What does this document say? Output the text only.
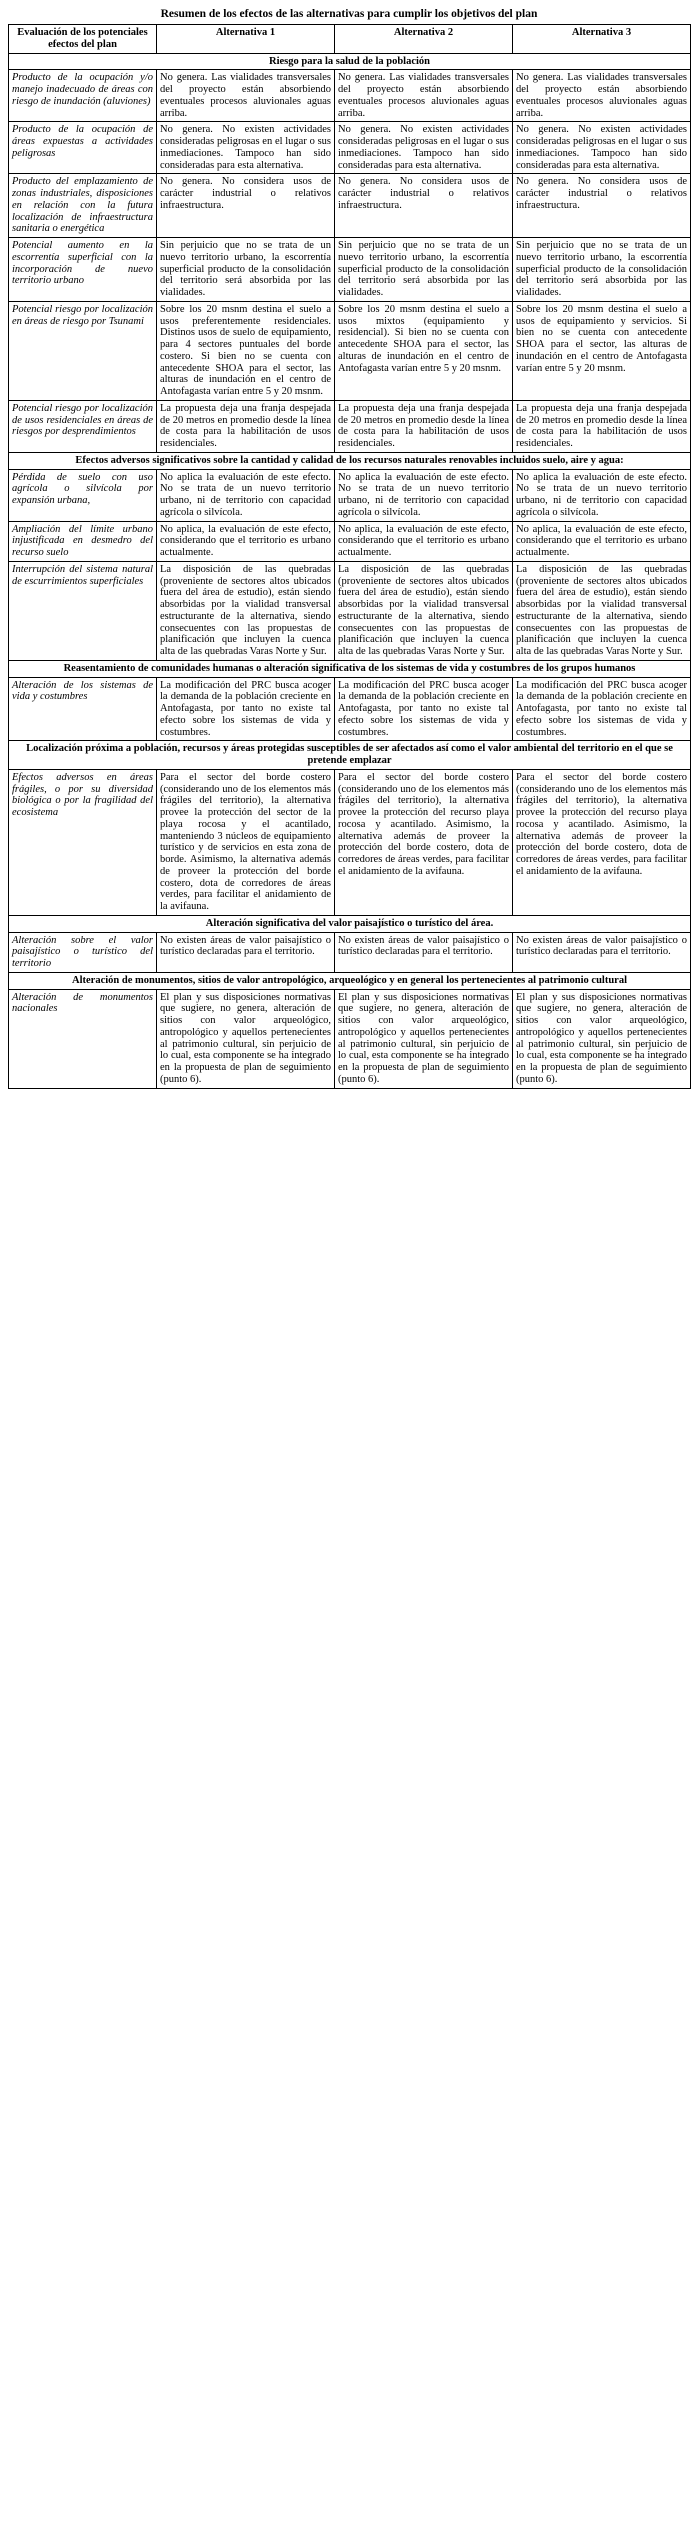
Resumen de los efectos de las alternativas para cumplir los objetivos del plan
Evaluación de los potenciales efectos del plan	Alternativa 1	Alternativa 2	Alternativa 3
Riesgo para la salud de la población			
Producto de la ocupación y/o manejo inadecuado de áreas con riesgo de inundación (aluviones)	No genera. Las vialidades transversales del proyecto están absorbiendo eventuales procesos aluvionales aguas arriba.	No genera. Las vialidades transversales del proyecto están absorbiendo eventuales procesos aluvionales aguas arriba.	No genera. Las vialidades transversales del proyecto están absorbiendo eventuales procesos aluvionales aguas arriba.
Producto de la ocupación de áreas expuestas a actividades peligrosas	No genera. No existen actividades consideradas peligrosas en el lugar o sus inmediaciones. Tampoco han sido consideradas para esta alternativa.	No genera. No existen actividades consideradas peligrosas en el lugar o sus inmediaciones. Tampoco han sido consideradas para esta alternativa.	No genera. No existen actividades consideradas peligrosas en el lugar o sus inmediaciones. Tampoco han sido consideradas para esta alternativa.
Producto del emplazamiento de zonas industriales, disposiciones en relación con la futura localización de infraestructura sanitaria o energética	No genera. No considera usos de carácter industrial o relativos infraestructura.	No genera. No considera usos de carácter industrial o relativos infraestructura.	No genera. No considera usos de carácter industrial o relativos infraestructura.
Potencial aumento en la escorrentía superficial con la incorporación de nuevo territorio urbano	Sin perjuicio que no se trata de un nuevo territorio urbano, la escorrentía superficial producto de la consolidación del territorio será absorbida por las vialidades.	Sin perjuicio que no se trata de un nuevo territorio urbano, la escorrentía superficial producto de la consolidación del territorio será absorbida por las vialidades.	Sin perjuicio que no se trata de un nuevo territorio urbano, la escorrentía superficial producto de la consolidación del territorio será absorbida por las vialidades.
Potencial riesgo por localización en áreas de riesgo por Tsunami	Sobre los 20 msnm destina el suelo a usos preferentemente residenciales. Distinos usos de suelo de equipamiento, para 4 sectores puntuales del borde costero. Si bien no se cuenta con antecedente SHOA para el sector, las alturas de inundación en el centro de Antofagasta varían entre 5 y 20 msnm.	Sobre los 20 msnm destina el suelo a usos mixtos (equipamiento y residencial). Si bien no se cuenta con antecedente SHOA para el sector, las alturas de inundación en el centro de Antofagasta varían entre 5 y 20 msnm.	Sobre los 20 msnm destina el suelo a usos de equipamiento y servicios. Si bien no se cuenta con antecedente SHOA para el sector, las alturas de inundación en el centro de Antofagasta varían entre 5 y 20 msnm.
Potencial riesgo por localización de usos residenciales en áreas de riesgos por desprendimientos	La propuesta deja una franja despejada de 20 metros en promedio desde la línea de costa para la habilitación de usos residenciales.	La propuesta deja una franja despejada de 20 metros en promedio desde la línea de costa para la habilitación de usos residenciales.	La propuesta deja una franja despejada de 20 metros en promedio desde la línea de costa para la habilitación de usos residenciales.
Efectos adversos significativos sobre la cantidad y calidad de los recursos naturales renovables incluidos suelo, aire y agua:			
Pérdida de suelo con uso agrícola o silvícola por expansión urbana,	No aplica la evaluación de este efecto. No se trata de un nuevo territorio urbano, ni de territorio con capacidad agrícola o silvícola.	No aplica la evaluación de este efecto. No se trata de un nuevo territorio urbano, ni de territorio con capacidad agrícola o silvícola.	No aplica la evaluación de este efecto. No se trata de un nuevo territorio urbano, ni de territorio con capacidad agrícola o silvícola.
Ampliación del límite urbano injustificada en desmedro del recurso suelo	No aplica, la evaluación de este efecto, considerando que el territorio es urbano actualmente.	No aplica, la evaluación de este efecto, considerando que el territorio es urbano actualmente.	No aplica, la evaluación de este efecto, considerando que el territorio es urbano actualmente.
Interrupción del sistema natural de escurrimientos superficiales	La disposición de las quebradas (proveniente de sectores altos ubicados fuera del área de estudio), están siendo absorbidas por la vialidad transversal estructurante de la alternativa, siendo consecuentes con las propuestas de planificación que incluyen la cuenca alta de las quebradas Varas Norte y Sur.	La disposición de las quebradas (proveniente de sectores altos ubicados fuera del área de estudio), están siendo absorbidas por la vialidad transversal estructurante de la alternativa, siendo consecuentes con las propuestas de planificación que incluyen la cuenca alta de las quebradas Varas Norte y Sur.	La disposición de las quebradas (proveniente de sectores altos ubicados fuera del área de estudio), están siendo absorbidas por la vialidad transversal estructurante de la alternativa, siendo consecuentes con las propuestas de planificación que incluyen la cuenca alta de las quebradas Varas Norte y Sur.
Reasentamiento de comunidades humanas o alteración significativa de los sistemas de vida y costumbres de los grupos humanos			
Alteración de los sistemas de vida y costumbres	La modificación del PRC busca acoger la demanda de la población creciente en Antofagasta, por tanto no existe tal efecto sobre los sistemas de vida y costumbres.	La modificación del PRC busca acoger la demanda de la población creciente en Antofagasta, por tanto no existe tal efecto sobre los sistemas de vida y costumbres.	La modificación del PRC busca acoger la demanda de la población creciente en Antofagasta, por tanto no existe tal efecto sobre los sistemas de vida y costumbres.
Localización próxima a población, recursos y áreas protegidas susceptibles de ser afectados así como el valor ambiental del territorio en el que se pretende emplazar			
Efectos adversos en áreas frágiles, o por su diversidad biológica o por la fragilidad del ecosistema	Para el sector del borde costero (considerando uno de los elementos más frágiles del territorio), la alternativa provee la protección del sector de la playa rocosa y el acantilado, manteniendo 3 núcleos de equipamiento turístico y de servicios en esta zona de borde. Asimismo, la alternativa además de proveer la protección del borde costero, dota de corredores de áreas verdes, para facilitar el anidamiento de la avifauna.	Para el sector del borde costero (considerando uno de los elementos más frágiles del territorio), la alternativa provee la protección del recurso playa rocosa y acantilado. Asimismo, la alternativa además de proveer la protección del borde costero, dota de corredores de áreas verdes, para facilitar el anidamiento de la avifauna.	Para el sector del borde costero (considerando uno de los elementos más frágiles del territorio), la alternativa provee la protección del recurso playa rocosa y acantilado. Asimismo, la alternativa además de proveer la protección del borde costero, dota de corredores de áreas verdes, para facilitar el anidamiento de la avifauna.
Alteración significativa del valor paisajístico o turístico del área.			
Alteración sobre el valor paisajístico o turístico del territorio	No existen áreas de valor paisajístico o turístico declaradas para el territorio.	No existen áreas de valor paisajístico o turístico declaradas para el territorio.	No existen áreas de valor paisajístico o turístico declaradas para el territorio.
Alteración de monumentos, sitios de valor antropológico, arqueológico y en general los pertenecientes al patrimonio cultural			
Alteración de monumentos nacionales	El plan y sus disposiciones normativas que sugiere, no genera, alteración de sitios con valor arqueológico, antropológico y aquellos pertenecientes al patrimonio cultural, sin perjuicio de lo cual, esta componente se ha integrado en la propuesta de plan de seguimiento (punto 6).	El plan y sus disposiciones normativas que sugiere, no genera, alteración de sitios con valor arqueológico, antropológico y aquellos pertenecientes al patrimonio cultural, sin perjuicio de lo cual, esta componente se ha integrado en la propuesta de plan de seguimiento (punto 6).	El plan y sus disposiciones normativas que sugiere, no genera, alteración de sitios con valor arqueológico, antropológico y aquellos pertenecientes al patrimonio cultural, sin perjuicio de lo cual, esta componente se ha integrado en la propuesta de plan de seguimiento (punto 6).
